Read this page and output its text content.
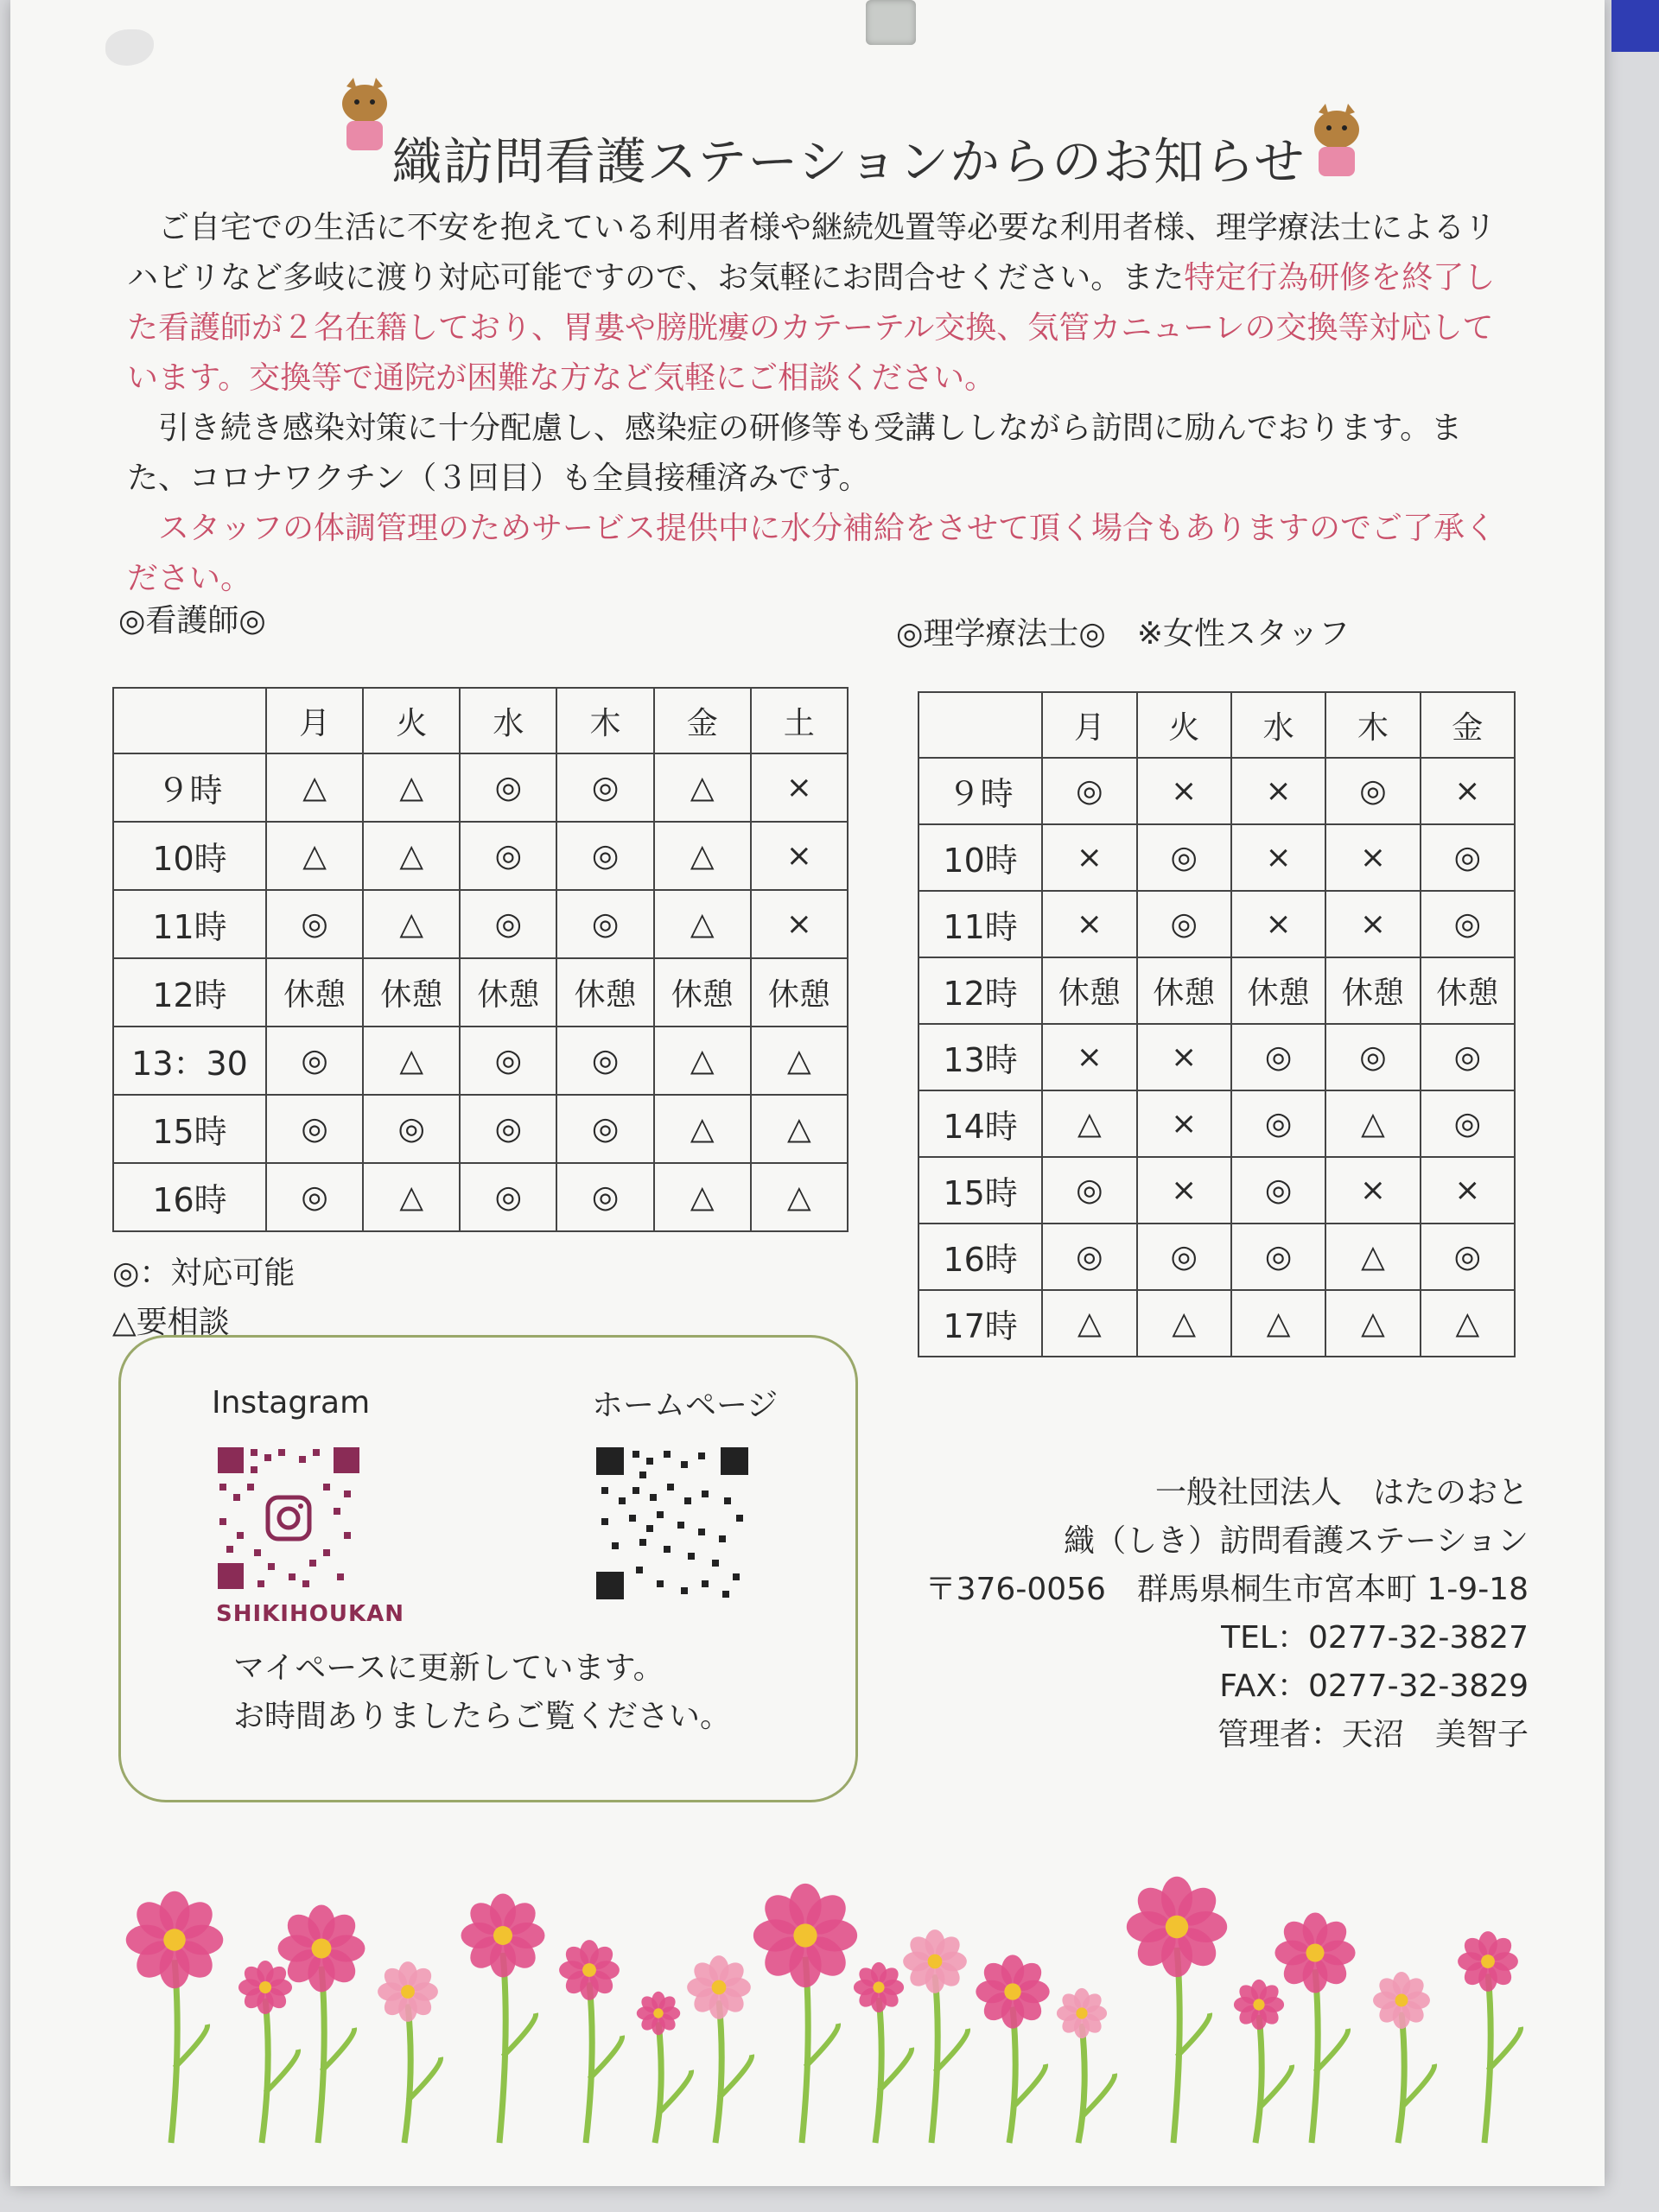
織訪問看護ステーションからのお知らせ

ご自宅での生活に不安を抱えている利用者様や継続処置等必要な利用者様、理学療法士によるリハビリなど多岐に渡り対応可能ですので、お気軽にお問合せください。また特定行為研修を終了した看護師が２名在籍しており、胃婁や膀胱瘻のカテーテル交換、気管カニューレの交換等対応しています。交換等で通院が困難な方など気軽にご相談ください。

引き続き感染対策に十分配慮し、感染症の研修等も受講ししながら訪問に励んでおります。また、コロナワクチン（３回目）も全員接種済みです。

スタッフの体調管理のためサービス提供中に水分補給をさせて頂く場合もありますのでご了承ください。

◎看護師◎	◎理学療法士◎　※女性スタッフ
	月	火	水	木	金	土
９時	△	△	◎	◎	△	×
10時	△	△	◎	◎	△	×
11時	◎	△	◎	◎	△	×
12時	休憩	休憩	休憩	休憩	休憩	休憩
13：30	◎	△	◎	◎	△	△
15時	◎	◎	◎	◎	△	△
16時	◎	△	◎	◎	△	△
	月	火	水	木	金
９時	◎	×	×	◎	×
10時	×	◎	×	×	◎
11時	×	◎	×	×	◎
12時	休憩	休憩	休憩	休憩	休憩
13時	×	×	◎	◎	◎
14時	△	×	◎	△	◎
15時	◎	×	◎	×	×
16時	◎	◎	◎	△	◎
17時	△	△	△	△	△
◎：対応可能
△要相談
Instagram	ホームページ
SHIKIHOUKAN
マイペースに更新しています。
お時間ありましたらご覧ください。
一般社団法人　はたのおと
織（しき）訪問看護ステーション
〒376-0056 群馬県桐生市宮本町 1-9-18
TEL：0277-32-3827
FAX：0277-32-3829
管理者：天沼　美智子
